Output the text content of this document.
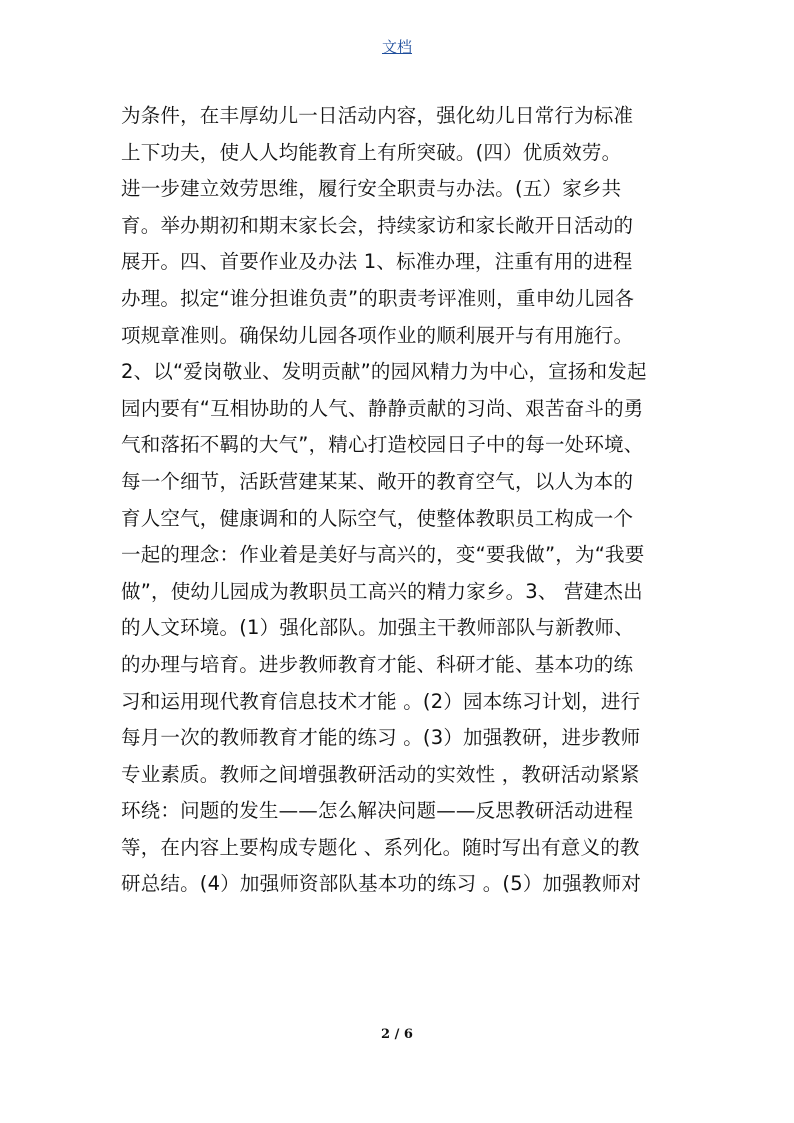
文档
为条件，在丰厚幼儿一日活动内容，强化幼儿日常行为标准
上下功夫，使人人均能教育上有所突破。(四）优质效劳。
进一步建立效劳思维，履行安全职责与办法。(五）家乡共
育。举办期初和期末家长会，持续家访和家长敞开日活动的
展开。四、首要作业及办法 1、标准办理，注重有用的进程
办理。拟定“谁分担谁负责”的职责考评准则，重申幼儿园各
项规章准则。确保幼儿园各项作业的顺利展开与有用施行。
2、以“爱岗敬业、发明贡献”的园风精力为中心，宣扬和发起
园内要有“互相协助的人气、静静贡献的习尚、艰苦奋斗的勇
气和落拓不羁的大气”，精心打造校园日子中的每一处环境、
每一个细节，活跃营建某某、敞开的教育空气，以人为本的
育人空气，健康调和的人际空气，使整体教职员工构成一个
一起的理念：作业着是美好与高兴的，变“要我做”，为“我要
做”，使幼儿园成为教职员工高兴的精力家乡。3、 营建杰出
的人文环境。(1）强化部队。加强主干教师部队与新教师、
的办理与培育。进步教师教育才能、科研才能、基本功的练
习和运用现代教育信息技术才能 。(2）园本练习计划，进行
每月一次的教师教育才能的练习 。(3）加强教研，进步教师
专业素质。教师之间增强教研活动的实效性 ，教研活动紧紧
环绕：问题的发生——怎么解决问题——反思教研活动进程
等，在内容上要构成专题化 、系列化。随时写出有意义的教
研总结。(4）加强师资部队基本功的练习 。(5）加强教师对
2 / 6
